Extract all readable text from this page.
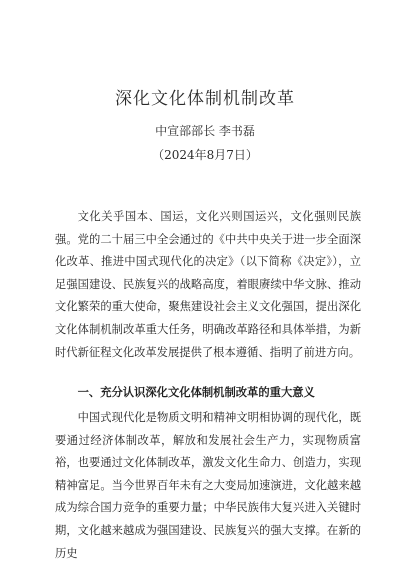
深化文化体制机制改革
中宣部部长 李书磊
（2024年8月7日）

文化关乎国本、国运，文化兴则国运兴，文化强则民族强。党的二十届三中全会通过的《中共中央关于进一步全面深化改革、推进中国式现代化的决定》（以下简称《决定》），立足强国建设、民族复兴的战略高度，着眼赓续中华文脉、推动文化繁荣的重大使命，聚焦建设社会主义文化强国，提出深化文化体制机制改革重大任务，明确改革路径和具体举措，为新时代新征程文化改革发展提供了根本遵循、指明了前进方向。

一、充分认识深化文化体制机制改革的重大意义

中国式现代化是物质文明和精神文明相协调的现代化，既要通过经济体制改革，解放和发展社会生产力，实现物质富裕，也要通过文化体制改革，激发文化生命力、创造力，实现精神富足。当今世界百年未有之大变局加速演进，文化越来越成为综合国力竞争的重要力量；中华民族伟大复兴进入关键时期，文化越来越成为强国建设、民族复兴的强大支撑。在新的历史
